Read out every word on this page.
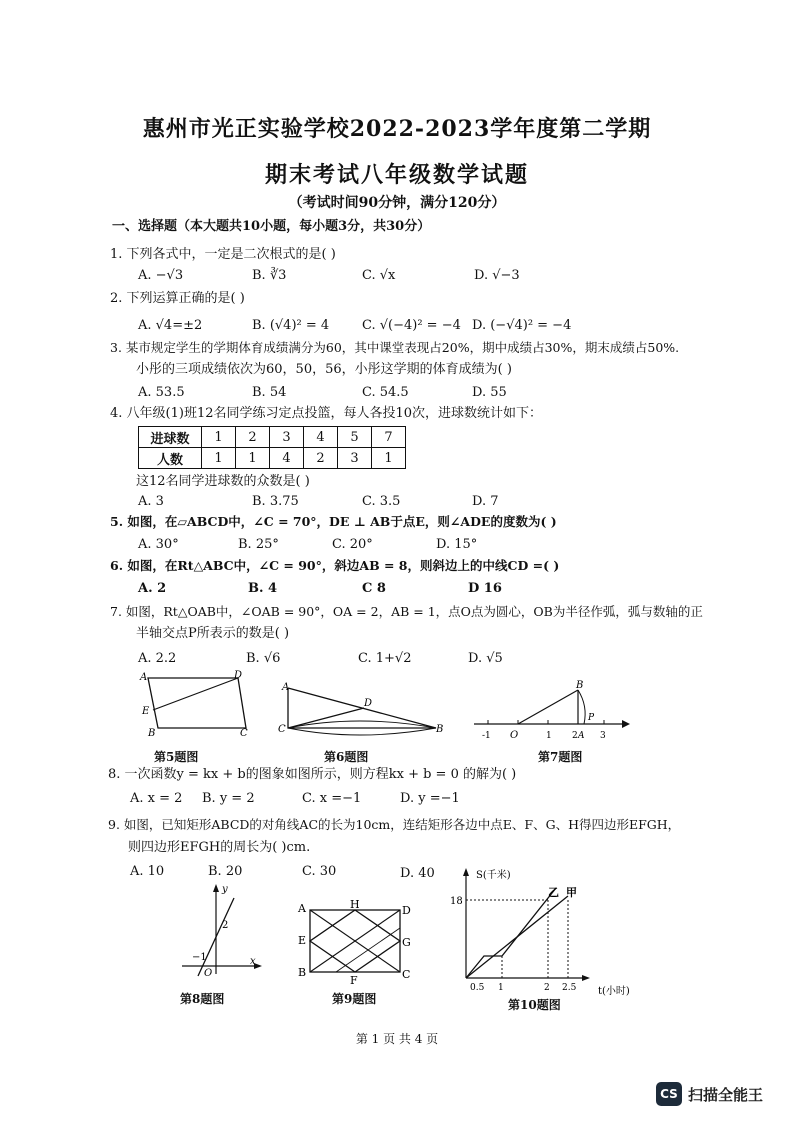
惠州市光正实验学校2022-2023学年度第二学期
期末考试八年级数学试题
（考试时间90分钟，满分120分）
一、选择题（本大题共10小题，每小题3分，共30分）
1. 下列各式中，一定是二次根式的是( )
A. −√3	B. ∛3	C. √x	D. √−3
2. 下列运算正确的是( )
A. √4=±2	B. (√4)² = 4	C. √(−4)² = −4 D. (−√4)² = −4
3. 某市规定学生的学期体育成绩满分为60，其中课堂表现占20%，期中成绩占30%，期末成绩占50%.
小彤的三项成绩依次为60，50，56，小彤这学期的体育成绩为( )
A. 53.5	B. 54	C. 54.5	D. 55
4. 八年级(1)班12名同学练习定点投篮，每人各投10次，进球数统计如下：
进球数	1	2	3	4	5	7
人数	1	1	4	2	3	1
这12名同学进球数的众数是( )
A. 3	B. 3.75	C. 3.5	D. 7
5. 如图，在▱ABCD中，∠C = 70°，DE ⊥ AB于点E，则∠ADE的度数为( )
A. 30°	B. 25°	C. 20°	D. 15°
6. 如图，在Rt△ABC中，∠C = 90°，斜边AB = 8，则斜边上的中线CD =( )
A. 2	B. 4	C 8	D 16
7. 如图，Rt△OAB中，∠OAB = 90°，OA = 2，AB = 1，点O点为圆心，OB为半径作弧，弧与数轴的正
半轴交点P所表示的数是( )
A. 2.2	B. √6	C. 1+√2	D. √5
A	D
E
B	C
第5题图
A
D
C	B
第6题图
-1 O	1 2 3
B
A
P
第7题图
8. 一次函数y = kx + b的图象如图所示，则方程kx + b = 0 的解为( )
A. x = 2 B. y = 2	C. x =−1	D. y =−1
9. 如图，已知矩形ABCD的对角线AC的长为10cm，连结矩形各边中点E、F、G、H得四边形EFGH，
则四边形EFGH的周长为( )cm.
A. 10	B. 20	C. 30	D. 40
y
x
2
−1
O
第8题图
A	H	D
E	G
B
F	C
第9题图
S(千米)
18
0.5 1	2 2.5 t(小时)
乙 甲
第10题图
第 1 页 共 4 页
CS 扫描全能王
